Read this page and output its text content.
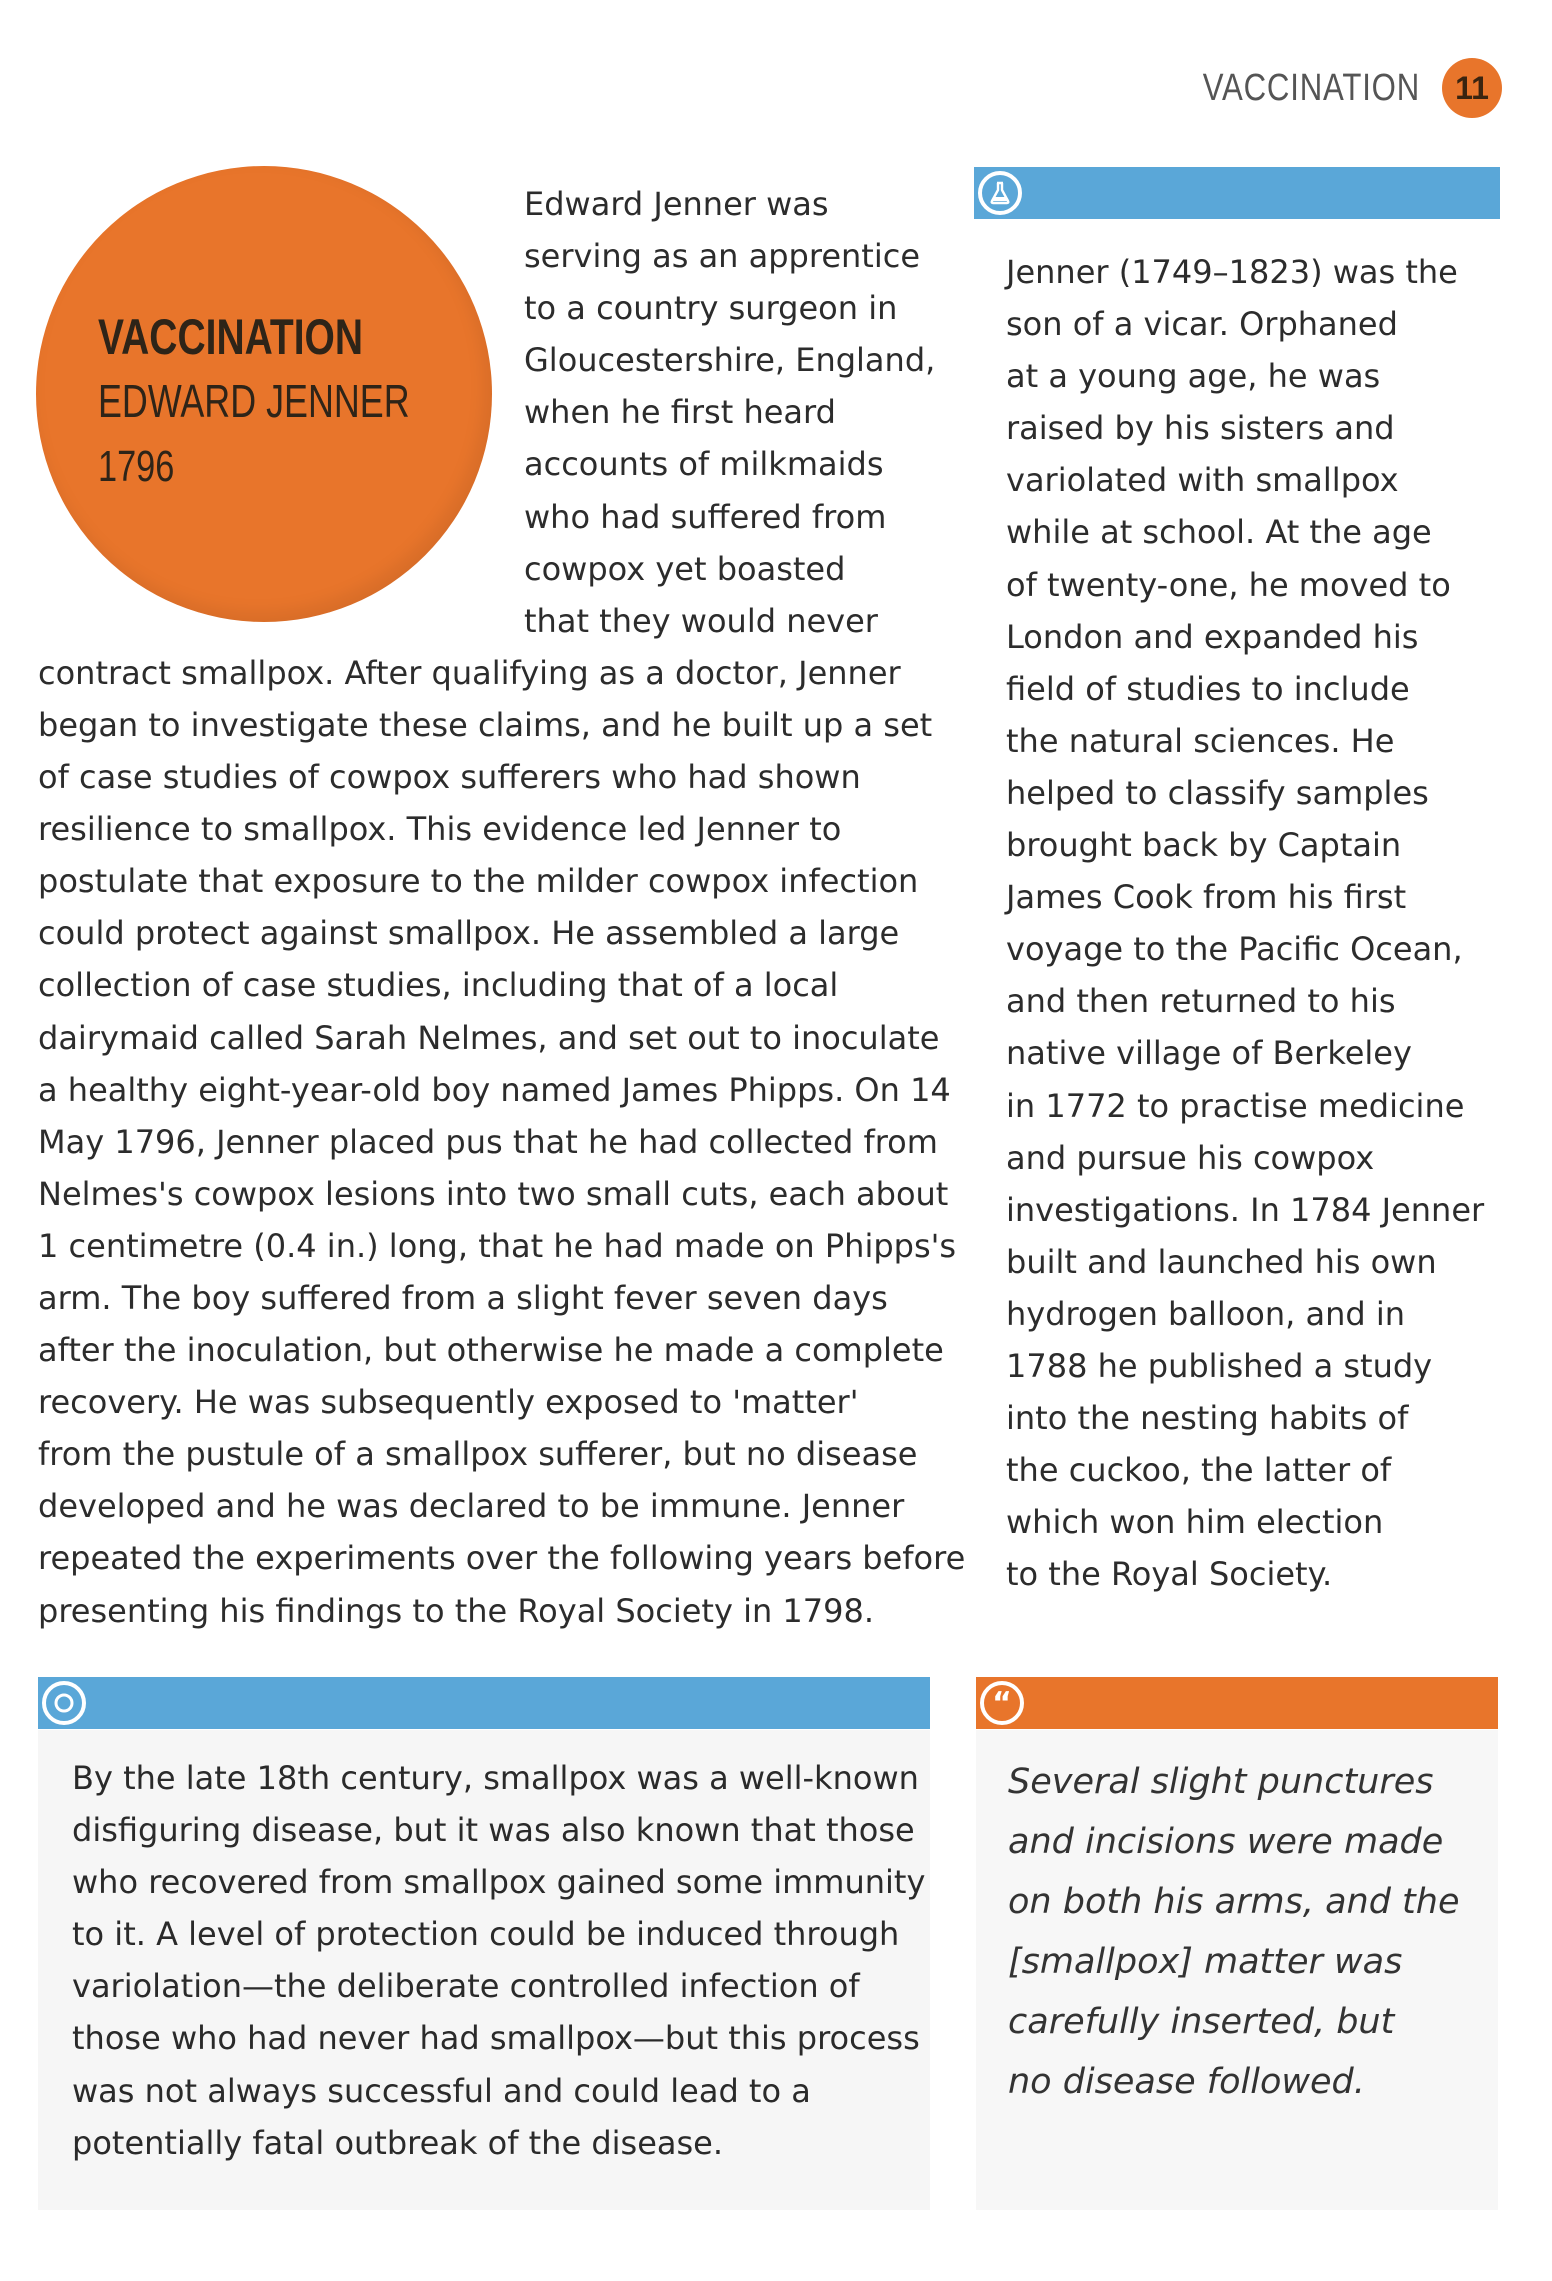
VACCINATION	11
VACCINATION
EDWARD JENNER
1796
Edward Jenner was
serving as an apprentice
to a country surgeon in
Gloucestershire, England,
when he first heard
accounts of milkmaids
who had suffered from
cowpox yet boasted
that they would never
contract smallpox. After qualifying as a doctor, Jenner
began to investigate these claims, and he built up a set
of case studies of cowpox sufferers who had shown
resilience to smallpox. This evidence led Jenner to
postulate that exposure to the milder cowpox infection
could protect against smallpox. He assembled a large
collection of case studies, including that of a local
dairymaid called Sarah Nelmes, and set out to inoculate
a healthy eight-year-old boy named James Phipps. On 14
May 1796, Jenner placed pus that he had collected from
Nelmes's cowpox lesions into two small cuts, each about
1 centimetre (0.4 in.) long, that he had made on Phipps's
arm. The boy suffered from a slight fever seven days
after the inoculation, but otherwise he made a complete
recovery. He was subsequently exposed to 'matter'
from the pustule of a smallpox sufferer, but no disease
developed and he was declared to be immune. Jenner
repeated the experiments over the following years before
presenting his findings to the Royal Society in 1798.
Jenner (1749–1823) was the
son of a vicar. Orphaned
at a young age, he was
raised by his sisters and
variolated with smallpox
while at school. At the age
of twenty-one, he moved to
London and expanded his
field of studies to include
the natural sciences. He
helped to classify samples
brought back by Captain
James Cook from his first
voyage to the Pacific Ocean,
and then returned to his
native village of Berkeley
in 1772 to practise medicine
and pursue his cowpox
investigations. In 1784 Jenner
built and launched his own
hydrogen balloon, and in
1788 he published a study
into the nesting habits of
the cuckoo, the latter of
which won him election
to the Royal Society.
By the late 18th century, smallpox was a well-known
disfiguring disease, but it was also known that those
who recovered from smallpox gained some immunity
to it. A level of protection could be induced through
variolation—the deliberate controlled infection of
those who had never had smallpox—but this process
was not always successful and could lead to a
potentially fatal outbreak of the disease.
“
Several slight punctures
and incisions were made
on both his arms, and the
[smallpox] matter was
carefully inserted, but
no disease followed.
